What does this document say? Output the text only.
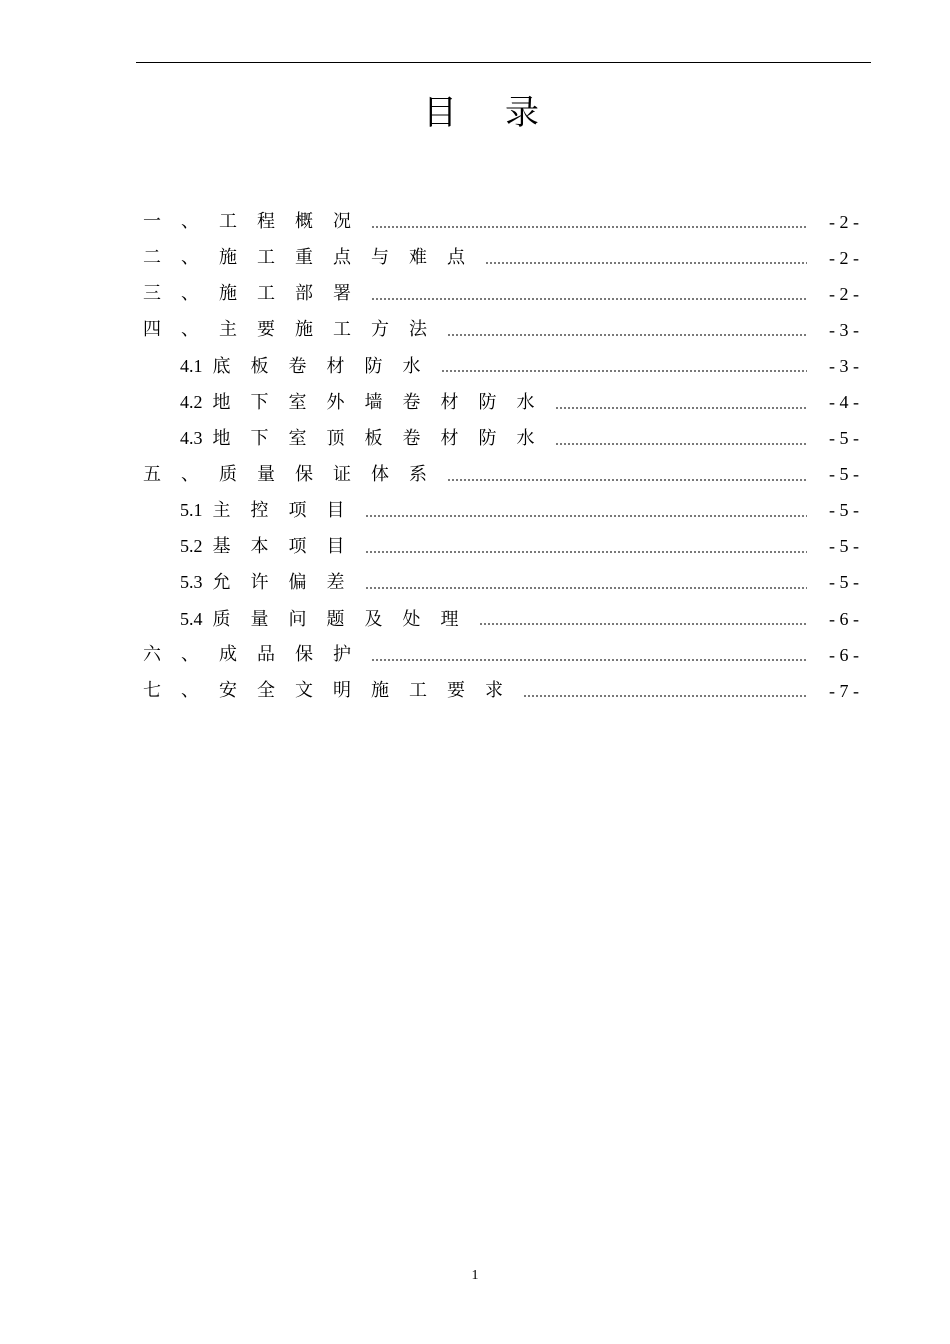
目录
一、工程概况	- 2 -
二、施工重点与难点	- 2 -
三、施工部署	- 2 -
四、主要施工方法	- 3 -
4.1 底板卷材防水	- 3 -
4.2 地下室外墙卷材防水	- 4 -
4.3 地下室顶板卷材防水	- 5 -
五、质量保证体系	- 5 -
5.1 主控项目	- 5 -
5.2 基本项目	- 5 -
5.3 允许偏差	- 5 -
5.4 质量问题及处理	- 6 -
六、成品保护	- 6 -
七、安全文明施工要求	- 7 -
1
